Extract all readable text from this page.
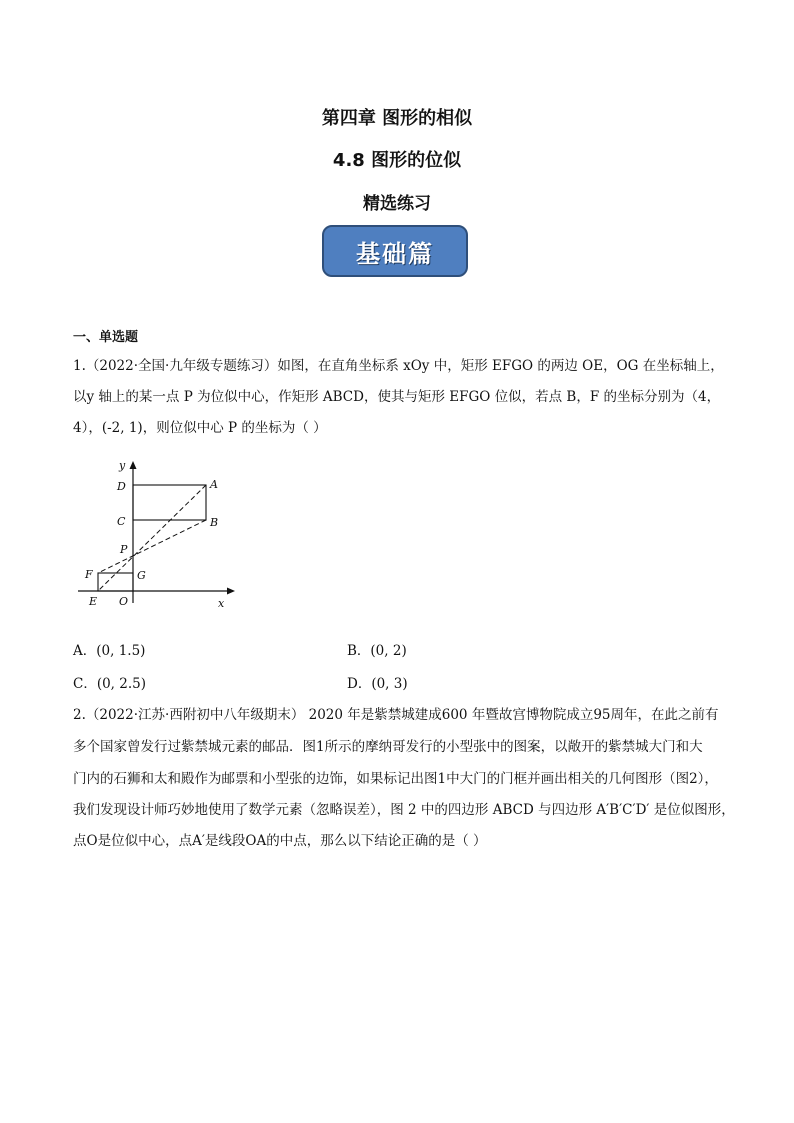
第四章 图形的相似
4.8 图形的位似
精选练习
基础篇
一、单选题
1.（2022·全国·九年级专题练习）如图，在直角坐标系 xOy 中，矩形 EFGO 的两边 OE，OG 在坐标轴上，
以y 轴上的某一点 P 为位似中心，作矩形 ABCD，使其与矩形 EFGO 位似，若点 B，F 的坐标分别为（4，
4），(-2, 1)，则位似中心 P 的坐标为（ ）
y
x
D	A
C	B
P
F	G
E O
A．(0, 1.5)	B．(0, 2)
C．(0, 2.5)	D．(0, 3)
2.（2022·江苏·西附初中八年级期末） 2020 年是紫禁城建成600 年暨故宫博物院成立95周年，在此之前有
多个国家曾发行过紫禁城元素的邮品．图1所示的摩纳哥发行的小型张中的图案，以敞开的紫禁城大门和大
门内的石狮和太和殿作为邮票和小型张的边饰，如果标记出图1中大门的门框并画出相关的几何图形（图2），
我们发现设计师巧妙地使用了数学元素（忽略误差），图 2 中的四边形 ABCD 与四边形 A′B′C′D′ 是位似图形，
点O是位似中心，点A′是线段OA的中点，那么以下结论正确的是（ ）
